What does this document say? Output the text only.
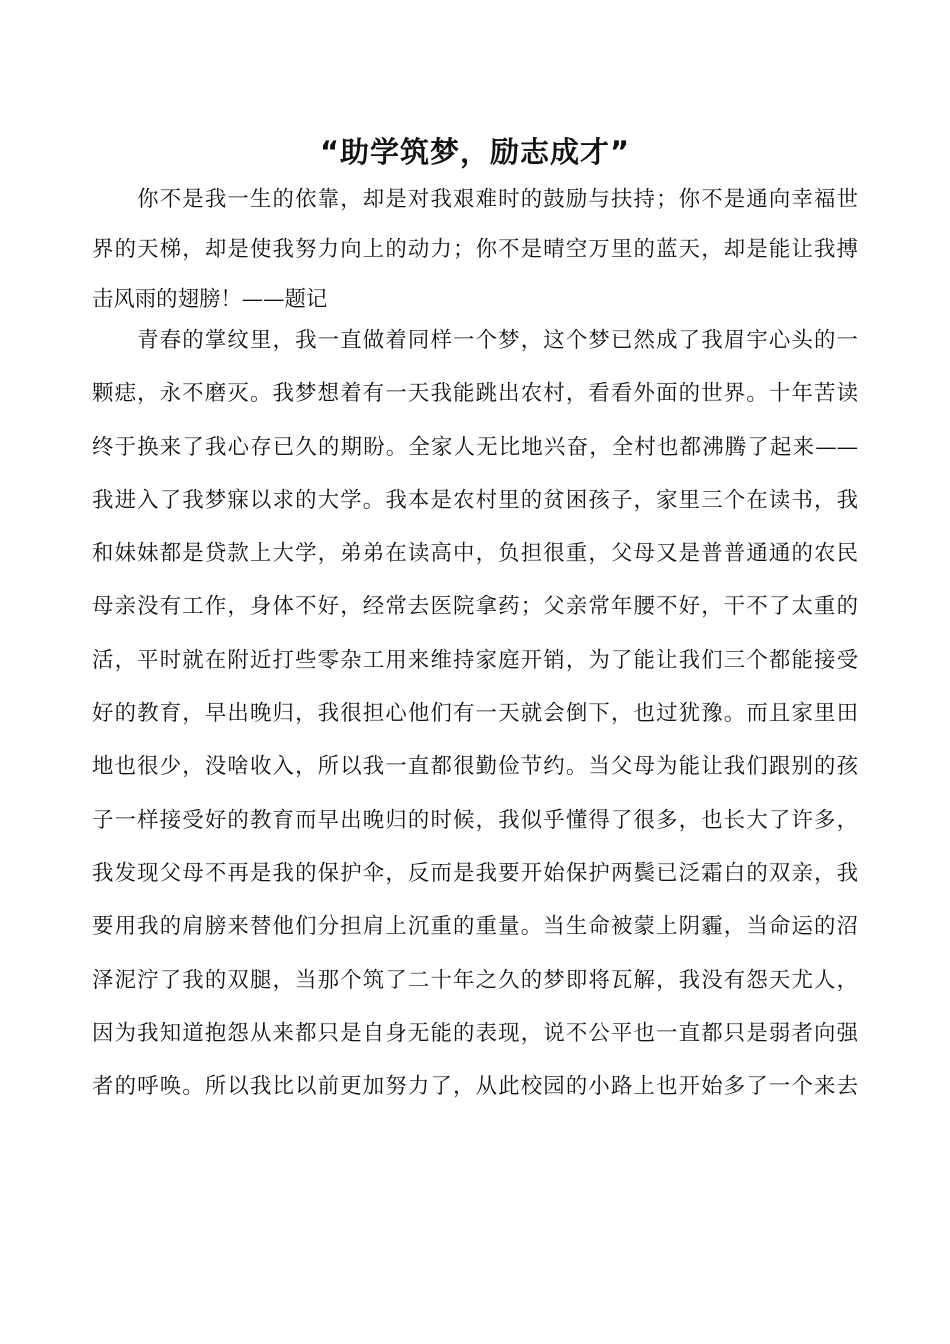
“助学筑梦，励志成才”
　　你不是我一生的依靠，却是对我艰难时的鼓励与扶持；你不是通向幸福世
界的天梯，却是使我努力向上的动力；你不是晴空万里的蓝天，却是能让我搏
击风雨的翅膀！——题记
　　青春的掌纹里，我一直做着同样一个梦，这个梦已然成了我眉宇心头的一
颗痣，永不磨灭。我梦想着有一天我能跳出农村，看看外面的世界。十年苦读
终于换来了我心存已久的期盼。全家人无比地兴奋，全村也都沸腾了起来——
我进入了我梦寐以求的大学。我本是农村里的贫困孩子，家里三个在读书，我
和妹妹都是贷款上大学，弟弟在读高中，负担很重，父母又是普普通通的农民
母亲没有工作，身体不好，经常去医院拿药；父亲常年腰不好，干不了太重的
活，平时就在附近打些零杂工用来维持家庭开销，为了能让我们三个都能接受
好的教育，早出晚归，我很担心他们有一天就会倒下，也过犹豫。而且家里田
地也很少，没啥收入，所以我一直都很勤俭节约。当父母为能让我们跟别的孩
子一样接受好的教育而早出晚归的时候，我似乎懂得了很多，也长大了许多，
我发现父母不再是我的保护伞，反而是我要开始保护两鬓已泛霜白的双亲，我
要用我的肩膀来替他们分担肩上沉重的重量。当生命被蒙上阴霾，当命运的沼
泽泥泞了我的双腿，当那个筑了二十年之久的梦即将瓦解，我没有怨天尤人，
因为我知道抱怨从来都只是自身无能的表现，说不公平也一直都只是弱者向强
者的呼唤。所以我比以前更加努力了，从此校园的小路上也开始多了一个来去
